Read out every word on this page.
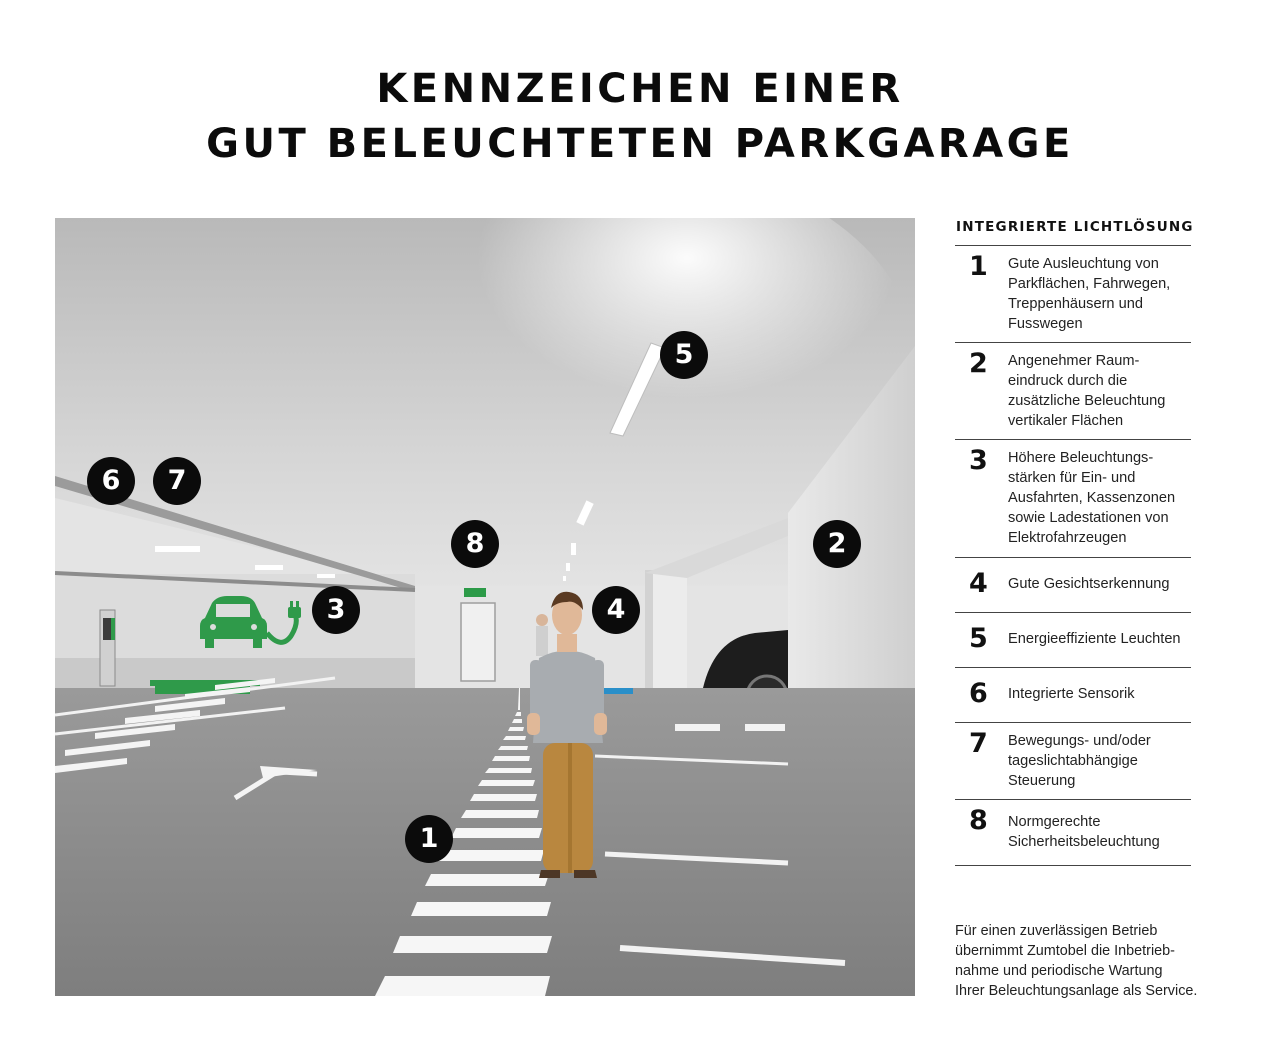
KENNZEICHEN EINER
GUT BELEUCHTETEN PARKGARAGE
5
6	7
8	2
3	4
1
INTEGRIERTE LICHTLÖSUNG
1 Gute Ausleuchtung von
Parkflächen, Fahrwegen,
Treppenhäusern und
Fusswegen
2 Angenehmer Raum-
eindruck durch die
zusätzliche Beleuchtung
vertikaler Flächen
3 Höhere Beleuchtungs-
stärken für Ein- und
Ausfahrten, Kassenzonen
sowie Ladestationen von
Elektrofahrzeugen
4 Gute Gesichtserkennung
5 Energieeffiziente Leuchten
6 Integrierte Sensorik
7 Bewegungs- und/oder
tageslichtabhängige
Steuerung
8 Normgerechte
Sicherheitsbeleuchtung
Für einen zuverlässigen Betrieb
übernimmt Zumtobel die Inbetrieb-
nahme und periodische Wartung
Ihrer Beleuchtungsanlage als Service.
